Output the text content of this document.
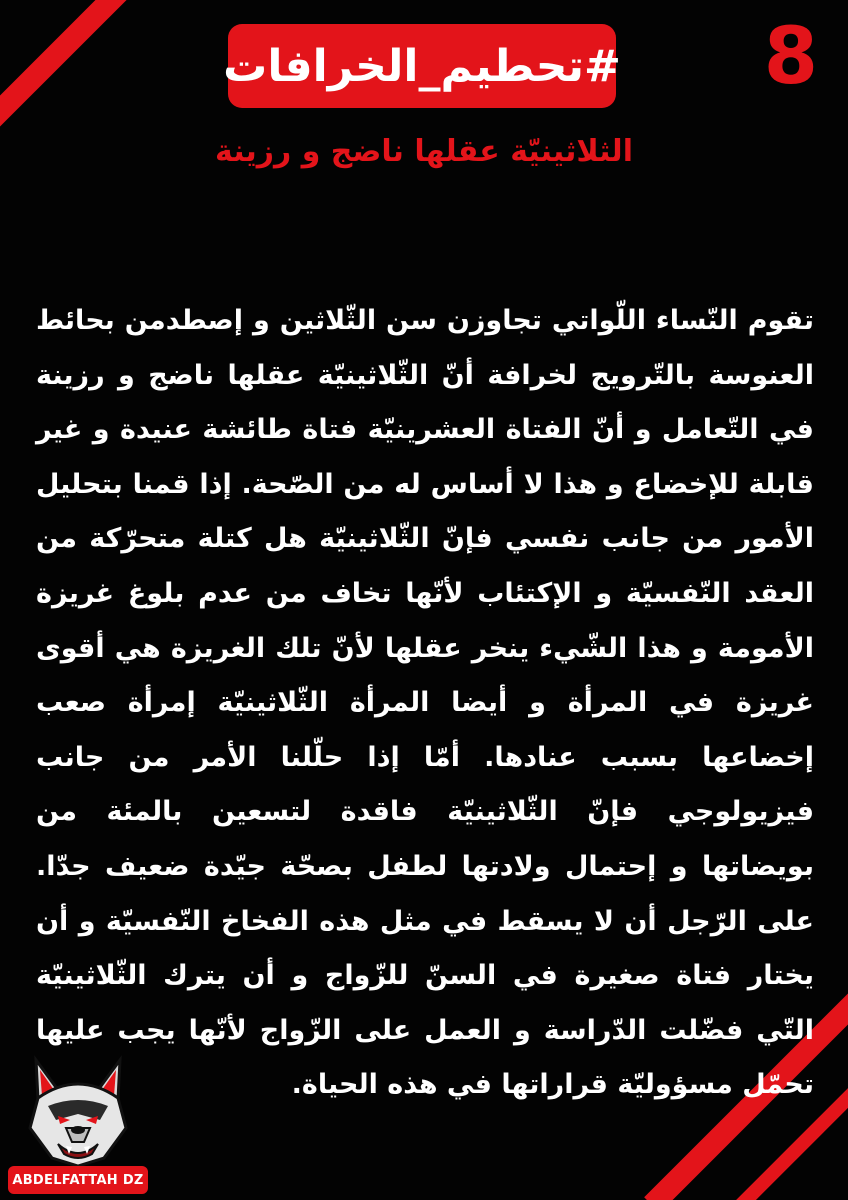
#تحطيم_الخرافات 8
الثلاثينيّة عقلها ناضج و رزينة
تقوم النّساء اللّواتي تجاوزن سن الثّلاثين و إصطدمن بحائط العنوسة بالتّرويج لخرافة أنّ الثّلاثينيّة عقلها ناضج و رزينة في التّعامل و أنّ الفتاة العشرينيّة فتاة طائشة عنيدة و غير قابلة للإخضاع و هذا لا أساس له من الصّحة. إذا قمنا بتحليل الأمور من جانب نفسي فإنّ الثّلاثينيّة هل كتلة متحرّكة من العقد النّفسيّة و الإكتئاب لأنّها تخاف من عدم بلوغ غريزة الأمومة و هذا الشّيء ينخر عقلها لأنّ تلك الغريزة هي أقوى غريزة في المرأة و أيضا المرأة الثّلاثينيّة إمرأة صعب إخضاعها بسبب عنادها. أمّا إذا حلّلنا الأمر من جانب فيزيولوجي فإنّ الثّلاثينيّة فاقدة لتسعين بالمئة من بويضاتها و إحتمال ولادتها لطفل بصحّة جيّدة ضعيف جدّا. على الرّجل أن لا يسقط في مثل هذه الفخاخ النّفسيّة و أن يختار فتاة صغيرة في السنّ للزّواج و أن يترك الثّلاثينيّة التّي فضّلت الدّراسة و العمل على الزّواج لأنّها يجب عليها تحمّل مسؤوليّة قراراتها في هذه الحياة.
ABDELFATTAH DZ
